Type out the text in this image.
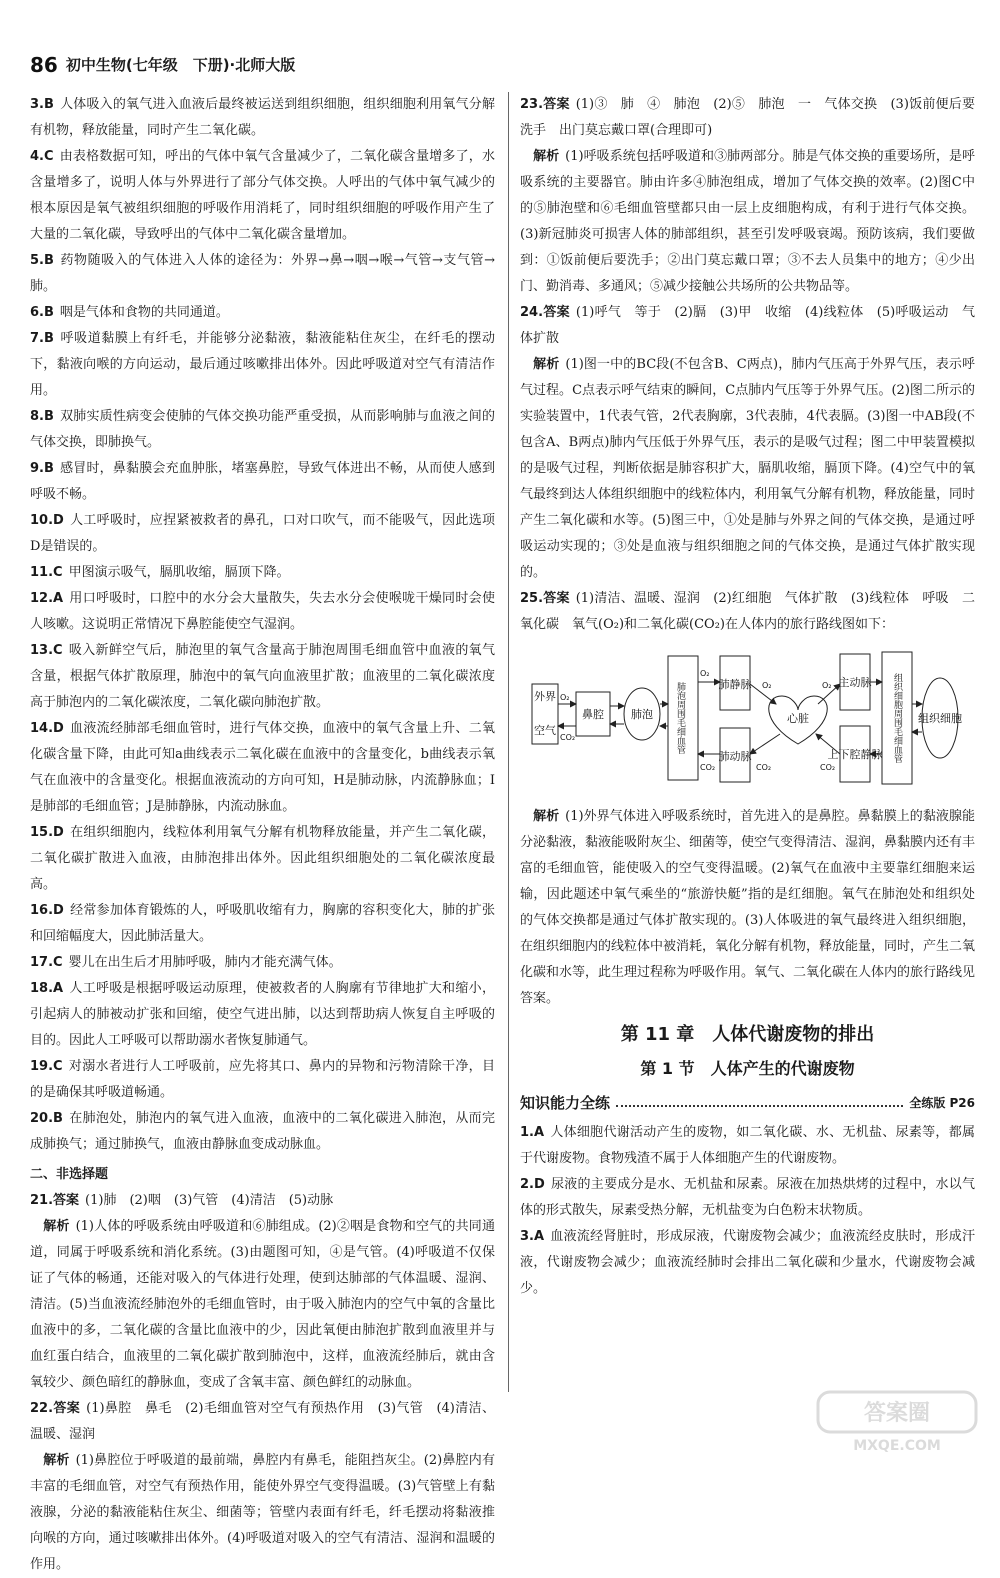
86 初中生物(七年级　下册)·北师大版

3.B 人体吸入的氧气进入血液后最终被运送到组织细胞，组织细胞利用氧气分解有机物，释放能量，同时产生二氧化碳。

4.C 由表格数据可知，呼出的气体中氧气含量减少了，二氧化碳含量增多了，水含量增多了，说明人体与外界进行了部分气体交换。人呼出的气体中氧气减少的根本原因是氧气被组织细胞的呼吸作用消耗了，同时组织细胞的呼吸作用产生了大量的二氧化碳，导致呼出的气体中二氧化碳含量增加。

5.B 药物随吸入的气体进入人体的途径为：外界→鼻→咽→喉→气管→支气管→肺。

6.B 咽是气体和食物的共同通道。

7.B 呼吸道黏膜上有纤毛，并能够分泌黏液，黏液能粘住灰尘，在纤毛的摆动下，黏液向喉的方向运动，最后通过咳嗽排出体外。因此呼吸道对空气有清洁作用。

8.B 双肺实质性病变会使肺的气体交换功能严重受损，从而影响肺与血液之间的气体交换，即肺换气。

9.B 感冒时，鼻黏膜会充血肿胀，堵塞鼻腔，导致气体进出不畅，从而使人感到呼吸不畅。

10.D 人工呼吸时，应捏紧被救者的鼻孔，口对口吹气，而不能吸气，因此选项D是错误的。

11.C 甲图演示吸气，膈肌收缩，膈顶下降。

12.A 用口呼吸时，口腔中的水分会大量散失，失去水分会使喉咙干燥同时会使人咳嗽。这说明正常情况下鼻腔能使空气湿润。

13.C 吸入新鲜空气后，肺泡里的氧气含量高于肺泡周围毛细血管中血液的氧气含量，根据气体扩散原理，肺泡中的氧气向血液里扩散；血液里的二氧化碳浓度高于肺泡内的二氧化碳浓度，二氧化碳向肺泡扩散。

14.D 血液流经肺部毛细血管时，进行气体交换，血液中的氧气含量上升、二氧化碳含量下降，由此可知a曲线表示二氧化碳在血液中的含量变化，b曲线表示氧气在血液中的含量变化。根据血液流动的方向可知，H是肺动脉，内流静脉血；I是肺部的毛细血管；J是肺静脉，内流动脉血。

15.D 在组织细胞内，线粒体利用氧气分解有机物释放能量，并产生二氧化碳，二氧化碳扩散进入血液，由肺泡排出体外。因此组织细胞处的二氧化碳浓度最高。

16.D 经常参加体育锻炼的人，呼吸肌收缩有力，胸廓的容积变化大，肺的扩张和回缩幅度大，因此肺活量大。

17.C 婴儿在出生后才用肺呼吸，肺内才能充满气体。

18.A 人工呼吸是根据呼吸运动原理，使被救者的人胸廓有节律地扩大和缩小，引起病人的肺被动扩张和回缩，使空气进出肺，以达到帮助病人恢复自主呼吸的目的。因此人工呼吸可以帮助溺水者恢复肺通气。

19.C 对溺水者进行人工呼吸前，应先将其口、鼻内的异物和污物清除干净，目的是确保其呼吸道畅通。

20.B 在肺泡处，肺泡内的氧气进入血液，血液中的二氧化碳进入肺泡，从而完成肺换气；通过肺换气，血液由静脉血变成动脉血。

二、非选择题

21.答案 (1)肺　(2)咽　(3)气管　(4)清洁　(5)动脉

　解析 (1)人体的呼吸系统由呼吸道和⑥肺组成。(2)②咽是食物和空气的共同通道，同属于呼吸系统和消化系统。(3)由题图可知，④是气管。(4)呼吸道不仅保证了气体的畅通，还能对吸入的气体进行处理，使到达肺部的气体温暖、湿润、清洁。(5)当血液流经肺泡外的毛细血管时，由于吸入肺泡内的空气中氧的含量比血液中的多，二氧化碳的含量比血液中的少，因此氧便由肺泡扩散到血液里并与血红蛋白结合，血液里的二氧化碳扩散到肺泡中，这样，血液流经肺后，就由含氧较少、颜色暗红的静脉血，变成了含氧丰富、颜色鲜红的动脉血。

22.答案 (1)鼻腔　鼻毛　(2)毛细血管对空气有预热作用　(3)气管　(4)清洁、温暖、湿润

　解析 (1)鼻腔位于呼吸道的最前端，鼻腔内有鼻毛，能阻挡灰尘。(2)鼻腔内有丰富的毛细血管，对空气有预热作用，能使外界空气变得温暖。(3)气管壁上有黏液腺，分泌的黏液能粘住灰尘、细菌等；管壁内表面有纤毛，纤毛摆动将黏液推向喉的方向，通过咳嗽排出体外。(4)呼吸道对吸入的空气有清洁、湿润和温暖的作用。

23.答案 (1)③　肺　④　肺泡　(2)⑤　肺泡　一　气体交换　(3)饭前便后要洗手　出门莫忘戴口罩(合理即可)

　解析 (1)呼吸系统包括呼吸道和③肺两部分。肺是气体交换的重要场所，是呼吸系统的主要器官。肺由许多④肺泡组成，增加了气体交换的效率。(2)图C中的⑤肺泡壁和⑥毛细血管壁都只由一层上皮细胞构成，有利于进行气体交换。(3)新冠肺炎可损害人体的肺部组织，甚至引发呼吸衰竭。预防该病，我们要做到：①饭前便后要洗手；②出门莫忘戴口罩；③不去人员集中的地方；④少出门、勤消毒、多通风；⑤减少接触公共场所的公共物品等。

24.答案 (1)呼气　等于　(2)膈　(3)甲　收缩　(4)线粒体　(5)呼吸运动　气体扩散

　解析 (1)图一中的BC段(不包含B、C两点)，肺内气压高于外界气压，表示呼气过程。C点表示呼气结束的瞬间，C点肺内气压等于外界气压。(2)图二所示的实验装置中，1代表气管，2代表胸廓，3代表肺，4代表膈。(3)图一中AB段(不包含A、B两点)肺内气压低于外界气压，表示的是吸气过程；图二中甲装置模拟的是吸气过程，判断依据是肺容积扩大，膈肌收缩，膈顶下降。(4)空气中的氧气最终到达人体组织细胞中的线粒体内，利用氧气分解有机物，释放能量，同时产生二氧化碳和水等。(5)图三中，①处是肺与外界之间的气体交换，是通过呼吸运动实现的；③处是血液与组织细胞之间的气体交换，是通过气体扩散实现的。

25.答案 (1)清洁、温暖、湿润　(2)红细胞　气体扩散　(3)线粒体　呼吸　二氧化碳　氧气(O₂)和二氧化碳(CO₂)在人体内的旅行路线图如下：

外界
空气
鼻腔 肺泡
肺静脉
肺动脉
心脏
主动脉
上下腔静脉
组织细胞
肺泡周围毛细血管	组织细胞周围毛细血管
O₂
CO₂
O₂
CO₂
O₂
CO₂
O₂
CO₂

　解析 (1)外界气体进入呼吸系统时，首先进入的是鼻腔。鼻黏膜上的黏液腺能分泌黏液，黏液能吸附灰尘、细菌等，使空气变得清洁、湿润，鼻黏膜内还有丰富的毛细血管，能使吸入的空气变得温暖。(2)氧气在血液中主要靠红细胞来运输，因此题述中氧气乘坐的“旅游快艇”指的是红细胞。氧气在肺泡处和组织处的气体交换都是通过气体扩散实现的。(3)人体吸进的氧气最终进入组织细胞，在组织细胞内的线粒体中被消耗，氧化分解有机物，释放能量，同时，产生二氧化碳和水等，此生理过程称为呼吸作用。氧气、二氧化碳在人体内的旅行路线见答案。

第 11 章　人体代谢废物的排出
第 1 节　人体产生的代谢废物
知识能力全练	全练版 P26

1.A 人体细胞代谢活动产生的废物，如二氧化碳、水、无机盐、尿素等，都属于代谢废物。食物残渣不属于人体细胞产生的代谢废物。

2.D 尿液的主要成分是水、无机盐和尿素。尿液在加热烘烤的过程中，水以气体的形式散失，尿素受热分解，无机盐变为白色粉末状物质。

3.A 血液流经肾脏时，形成尿液，代谢废物会减少；血液流经皮肤时，形成汗液，代谢废物会减少；血液流经肺时会排出二氧化碳和少量水，代谢废物会减少。

答案圈
MXQE.COM
